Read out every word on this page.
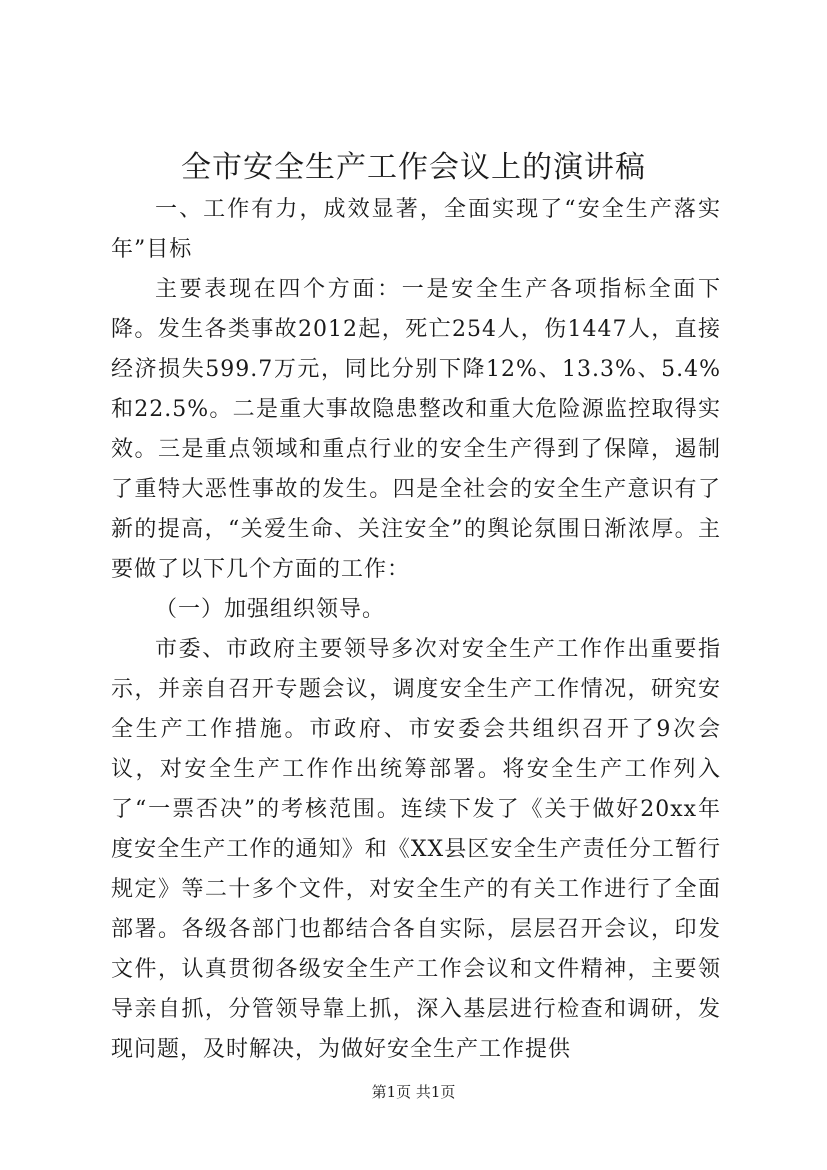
全市安全生产工作会议上的演讲稿

一、工作有力，成效显著，全面实现了“安全生产落实年”目标

主要表现在四个方面：一是安全生产各项指标全面下降。发生各类事故2012起，死亡254人，伤1447人，直接经济损失599.7万元，同比分别下降12%、13.3%、5.4%和22.5%。二是重大事故隐患整改和重大危险源监控取得实效。三是重点领域和重点行业的安全生产得到了保障，遏制了重特大恶性事故的发生。四是全社会的安全生产意识有了新的提高，“关爱生命、关注安全”的舆论氛围日渐浓厚。主要做了以下几个方面的工作：

（一）加强组织领导。

市委、市政府主要领导多次对安全生产工作作出重要指示，并亲自召开专题会议，调度安全生产工作情况，研究安全生产工作措施。市政府、市安委会共组织召开了9次会议，对安全生产工作作出统筹部署。将安全生产工作列入了“一票否决”的考核范围。连续下发了《关于做好20xx年度安全生产工作的通知》和《XX县区安全生产责任分工暂行规定》等二十多个文件，对安全生产的有关工作进行了全面部署。各级各部门也都结合各自实际，层层召开会议，印发文件，认真贯彻各级安全生产工作会议和文件精神，主要领导亲自抓，分管领导靠上抓，深入基层进行检查和调研，发现问题，及时解决，为做好安全生产工作提供

第1页 共1页
